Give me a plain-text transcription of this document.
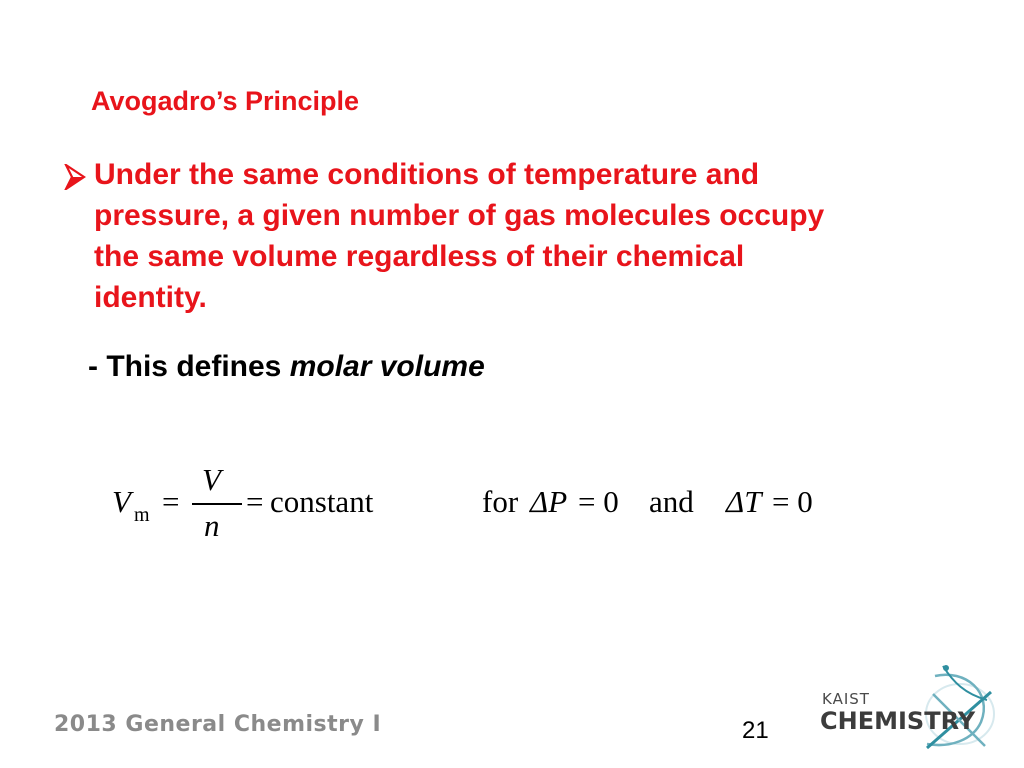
Avogadro’s Principle
Under the same conditions of temperature and
pressure, a given number of gas molecules occupy
the same volume regardless of their chemical
identity.
- This defines molar volume
V m =
V
n
= constant	for ΔP = 0 and ΔT = 0
2013 General Chemistry I	21
KAIST
CHEMISTRY
